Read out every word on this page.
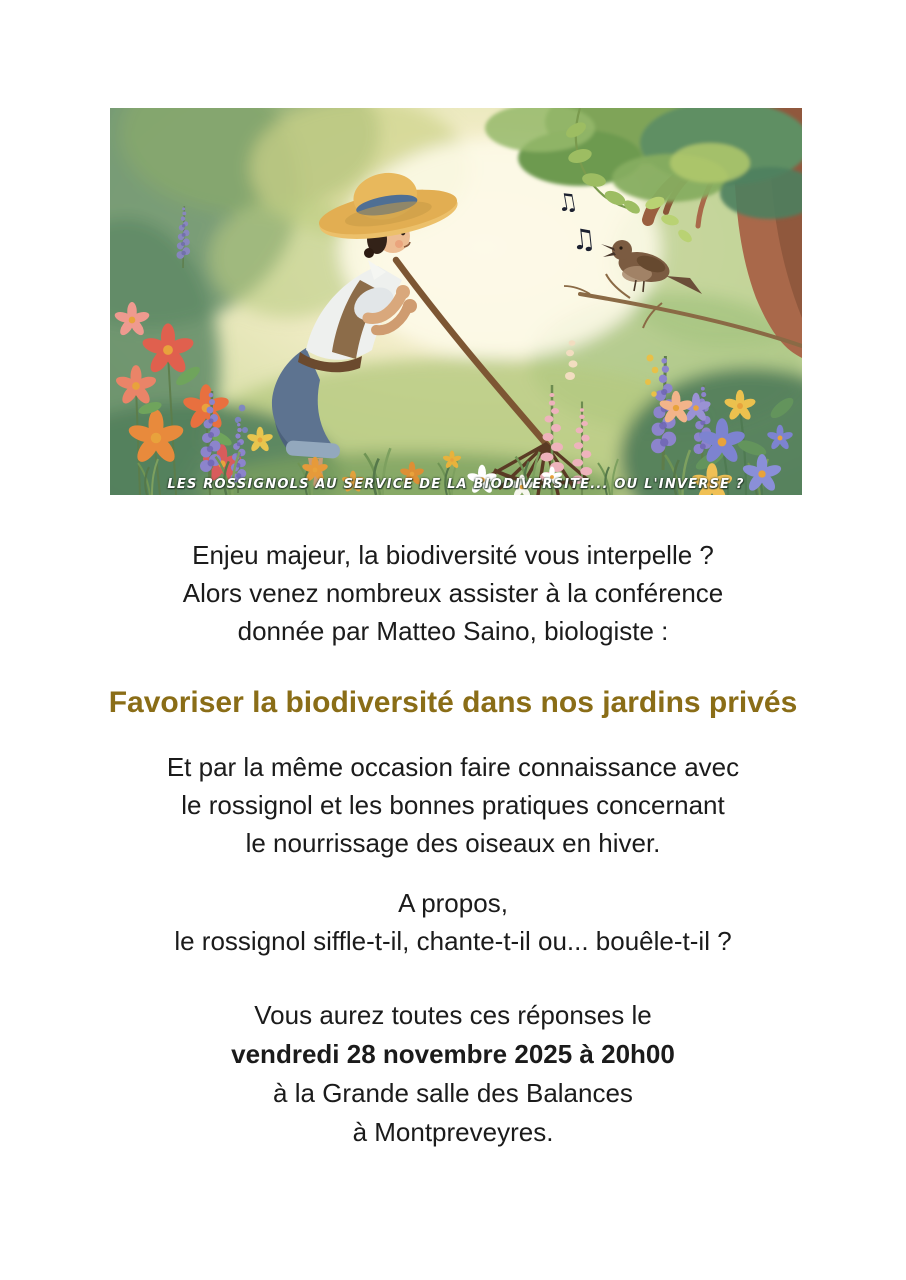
♫
♫
LES ROSSIGNOLS AU SERVICE DE LA BIODIVERSITE... OU L'INVERSE ?

Enjeu majeur, la biodiversité vous interpelle ?

Alors venez nombreux assister à la conférence

donnée par Matteo Saino, biologiste :

Favoriser la biodiversité dans nos jardins privés

Et par la même occasion faire connaissance avec

le rossignol et les bonnes pratiques concernant

le nourrissage des oiseaux en hiver.

A propos,

le rossignol siffle-t-il, chante-t-il ou... bouêle-t-il ?

Vous aurez toutes ces réponses le

vendredi 28 novembre 2025 à 20h00

à la Grande salle des Balances

à Montpreveyres.
